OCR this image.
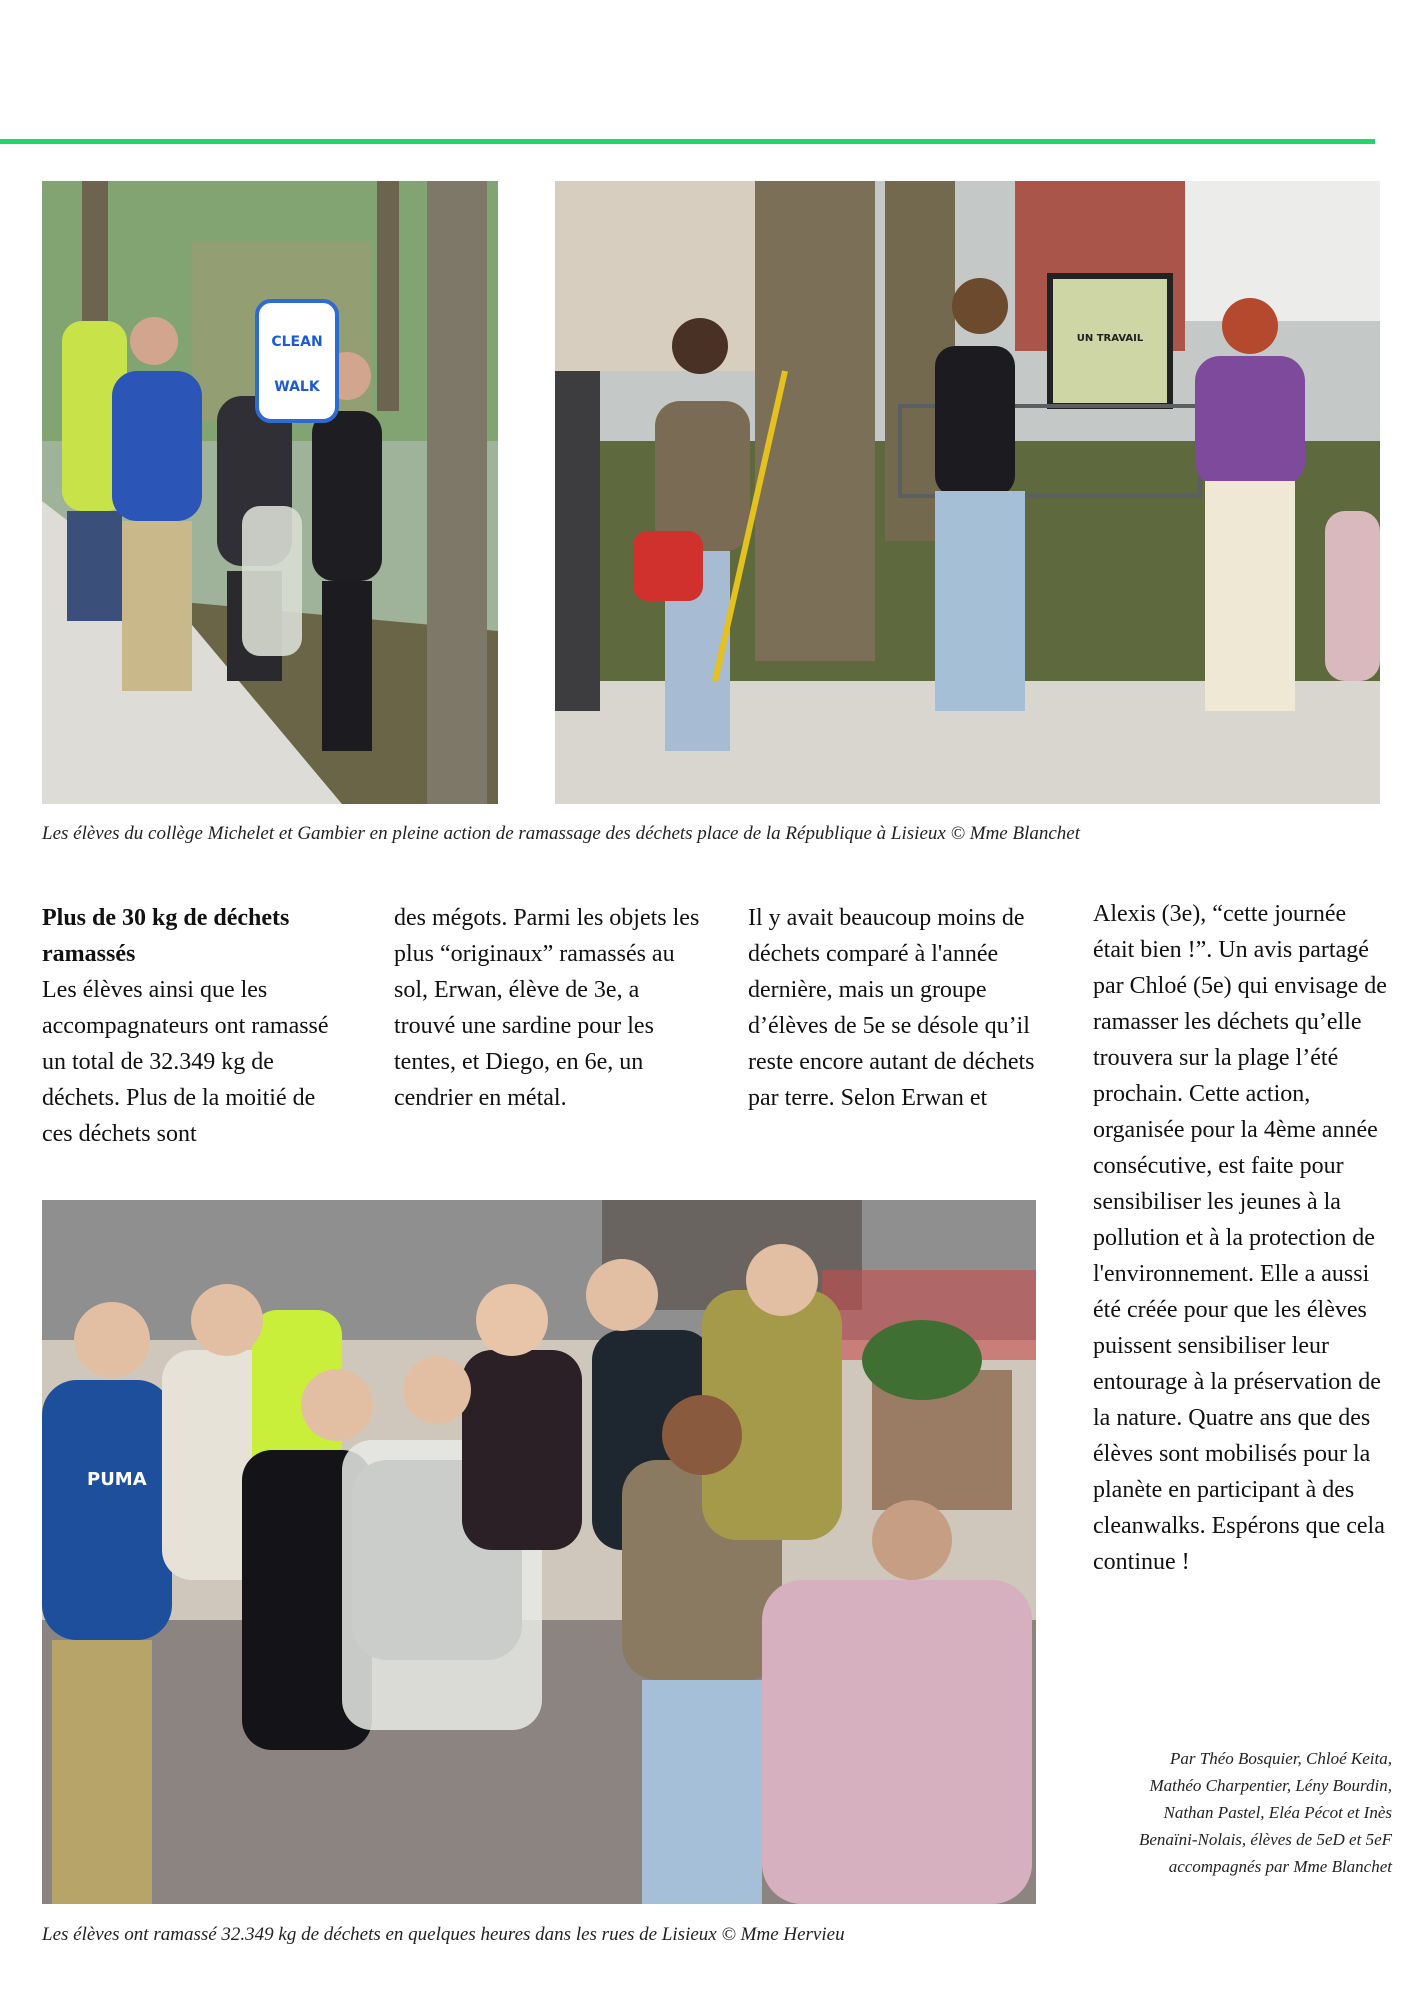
CLEAN
WALK
UN TRAVAIL
Les élèves du collège Michelet et Gambier en pleine action de ramassage des déchets place de la République à Lisieux © Mme Blanchet
Plus de 30 kg de déchets ramassés

Les élèves ainsi que les accompagnateurs ont ramassé un total de 32.349 kg de déchets. Plus de la moitié de ces déchets sont

des mégots. Parmi les objets les plus “originaux” ramassés au sol, Erwan, élève de 3e, a trouvé une sardine pour les tentes, et Diego, en 6e, un cendrier en métal.

Il y avait beaucoup moins de déchets comparé à l'année dernière, mais un groupe d’élèves de 5e se désole qu’il reste encore autant de déchets par terre. Selon Erwan et

Alexis (3e), “cette journée était bien !”. Un avis partagé par Chloé (5e) qui envisage de ramasser les déchets qu’elle trouvera sur la plage l’été prochain. Cette action, organisée pour la 4ème année consécutive, est faite pour sensibiliser les jeunes à la pollution et à la protection de l'environnement. Elle a aussi été créée pour que les élèves puissent sensibiliser leur entourage à la préservation de la nature. Quatre ans que des élèves sont mobilisés pour la planète en participant à des cleanwalks. Espérons que cela continue !

PUMA
Les élèves ont ramassé 32.349 kg de déchets en quelques heures dans les rues de Lisieux © Mme Hervieu
Par Théo Bosquier, Chloé Keita,
Mathéo Charpentier, Lény Bourdin,
Nathan Pastel, Eléa Pécot et Inès
Benaïni-Nolais, élèves de 5eD et 5eF
accompagnés par Mme Blanchet
